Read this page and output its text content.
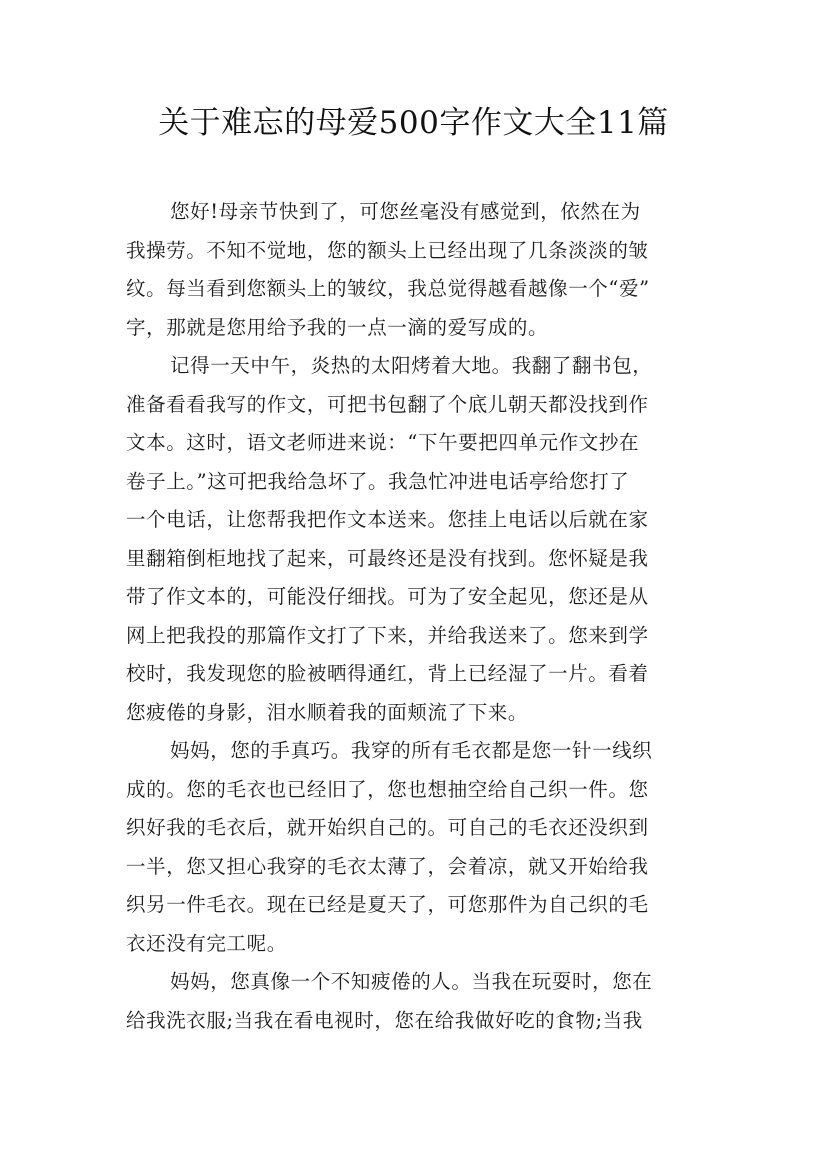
关于难忘的母爱500字作文大全11篇
您好!母亲节快到了，可您丝毫没有感觉到，依然在为
我操劳。不知不觉地，您的额头上已经出现了几条淡淡的皱
纹。每当看到您额头上的皱纹，我总觉得越看越像一个“爱”
字，那就是您用给予我的一点一滴的爱写成的。
记得一天中午，炎热的太阳烤着大地。我翻了翻书包，
准备看看我写的作文，可把书包翻了个底儿朝天都没找到作
文本。这时，语文老师进来说：“下午要把四单元作文抄在
卷子上。”这可把我给急坏了。我急忙冲进电话亭给您打了
一个电话，让您帮我把作文本送来。您挂上电话以后就在家
里翻箱倒柜地找了起来，可最终还是没有找到。您怀疑是我
带了作文本的，可能没仔细找。可为了安全起见，您还是从
网上把我投的那篇作文打了下来，并给我送来了。您来到学
校时，我发现您的脸被晒得通红，背上已经湿了一片。看着
您疲倦的身影，泪水顺着我的面颊流了下来。
妈妈，您的手真巧。我穿的所有毛衣都是您一针一线织
成的。您的毛衣也已经旧了，您也想抽空给自己织一件。您
织好我的毛衣后，就开始织自己的。可自己的毛衣还没织到
一半，您又担心我穿的毛衣太薄了，会着凉，就又开始给我
织另一件毛衣。现在已经是夏天了，可您那件为自己织的毛
衣还没有完工呢。
妈妈，您真像一个不知疲倦的人。当我在玩耍时，您在
给我洗衣服;当我在看电视时，您在给我做好吃的食物;当我
